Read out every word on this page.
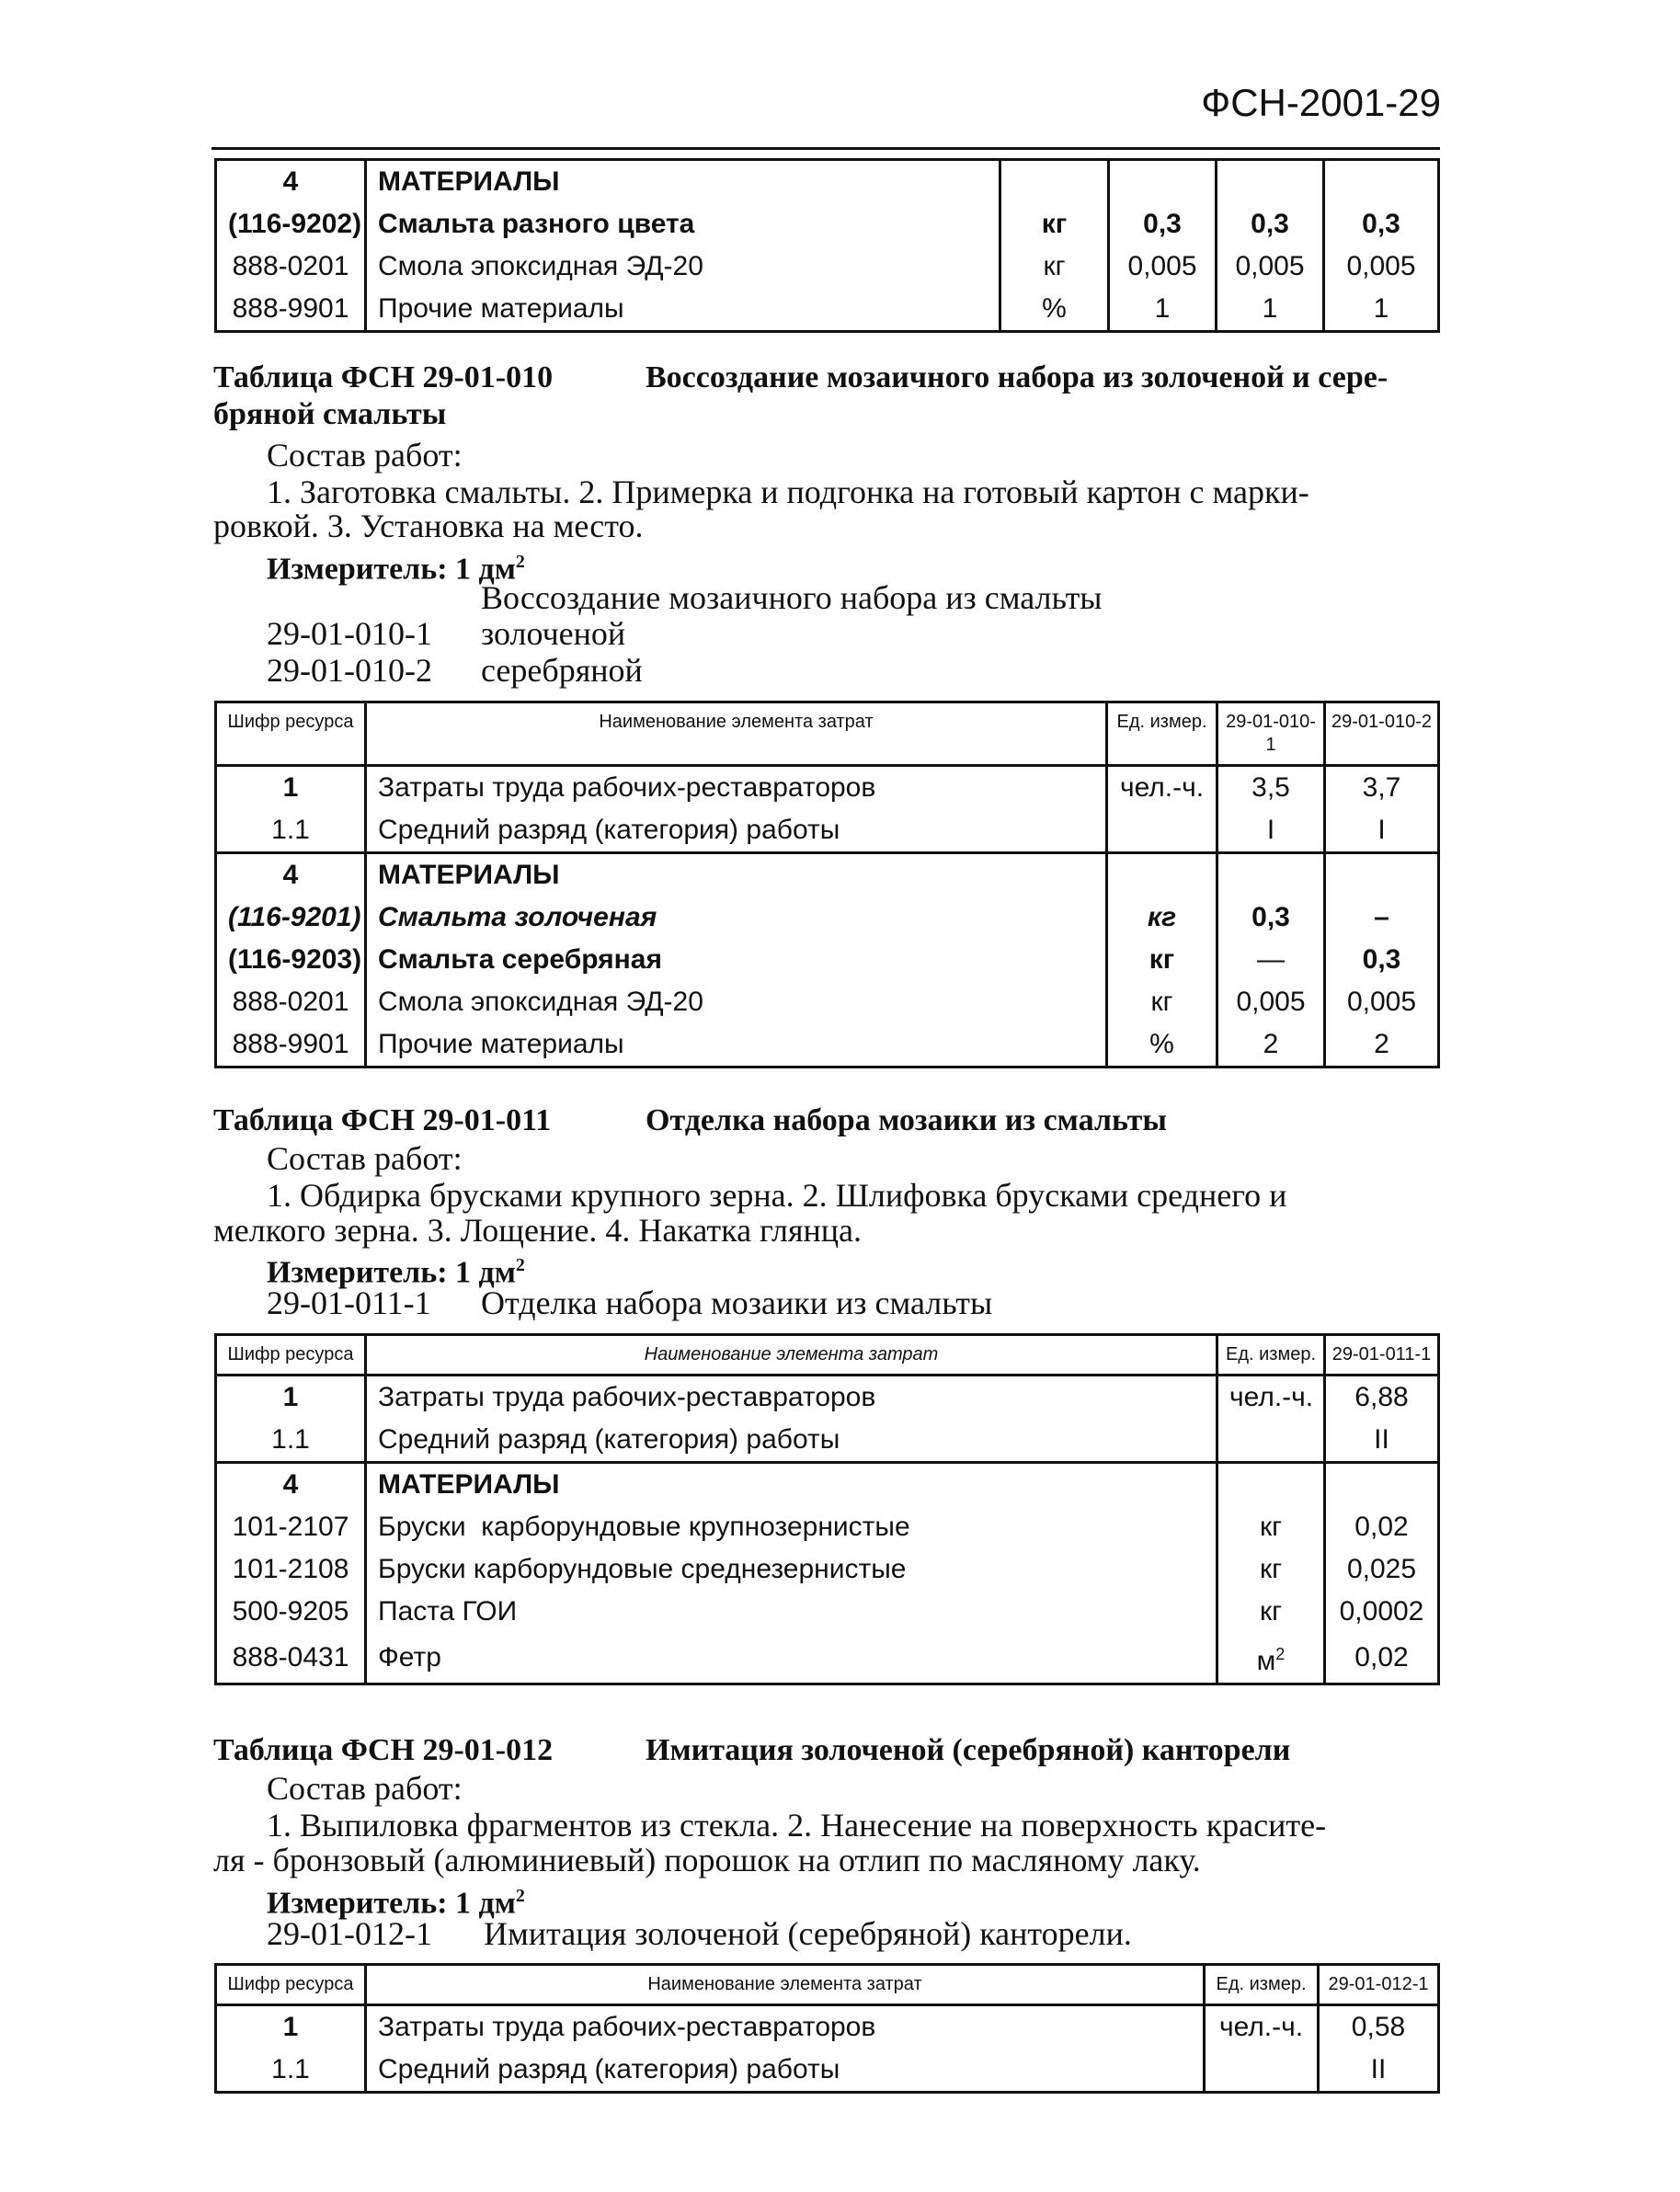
ФСН-2001-29
4	МАТЕРИАЛЫ				
(116-9202)	Смальта разного цвета	кг	0,3	0,3	0,3
888-0201	Смола эпоксидная ЭД-20	кг	0,005	0,005	0,005
888-9901	Прочие материалы	%	1	1	1
Таблица ФСН 29-01-010	Воссоздание мозаичного набора из золоченой и сере-
бряной смальты
Состав работ:
1. Заготовка смальты. 2. Примерка и подгонка на готовый картон с марки-
ровкой. 3. Установка на место.
Измеритель: 1 $дм^2$
Воссоздание мозаичного набора из смальты
29-01-010-1 золоченой
29-01-010-2 серебряной
Шифр ресурса	Наименование элемента затрат	Ед. измер.	29-01-010-1	29-01-010-2
1	Затраты труда рабочих-реставраторов	чел.-ч.	3,5	3,7
1.1	Средний разряд (категория) работы		I	I
4	МАТЕРИАЛЫ			
(116-9201)	Смальта золоченая	кг	0,3	–
(116-9203)	Смальта серебряная	кг	—	0,3
888-0201	Смола эпоксидная ЭД-20	кг	0,005	0,005
888-9901	Прочие материалы	%	2	2
Таблица ФСН 29-01-011	Отделка набора мозаики из смальты
Состав работ:
1. Обдирка брусками крупного зерна. 2. Шлифовка брусками среднего и
мелкого зерна. 3. Лощение. 4. Накатка глянца.
Измеритель: 1 $дм^2$
29-01-011-1 Отделка набора мозаики из смальты
Шифр ресурса	Наименование элемента затрат	Ед. измер.	29-01-011-1
1	Затраты труда рабочих-реставраторов	чел.-ч.	6,88
1.1	Средний разряд (категория) работы		II
4	МАТЕРИАЛЫ		
101-2107	Бруски  карборундовые крупнозернистые	кг	0,02
101-2108	Бруски карборундовые среднезернистые	кг	0,025
500-9205	Паста ГОИ	кг	0,0002
888-0431	Фетр	$м^2$	0,02
Таблица ФСН 29-01-012	Имитация золоченой (серебряной) канторели
Состав работ:
1. Выпиловка фрагментов из стекла. 2. Нанесение на поверхность красите-
ля - бронзовый (алюминиевый) порошок на отлип по масляному лаку.
Измеритель: 1 $дм^2$
29-01-012-1 Имитация золоченой (серебряной) канторели.
Шифр ресурса	Наименование элемента затрат	Ед. измер.	29-01-012-1
1	Затраты труда рабочих-реставраторов	чел.-ч.	0,58
1.1	Средний разряд (категория) работы		II
